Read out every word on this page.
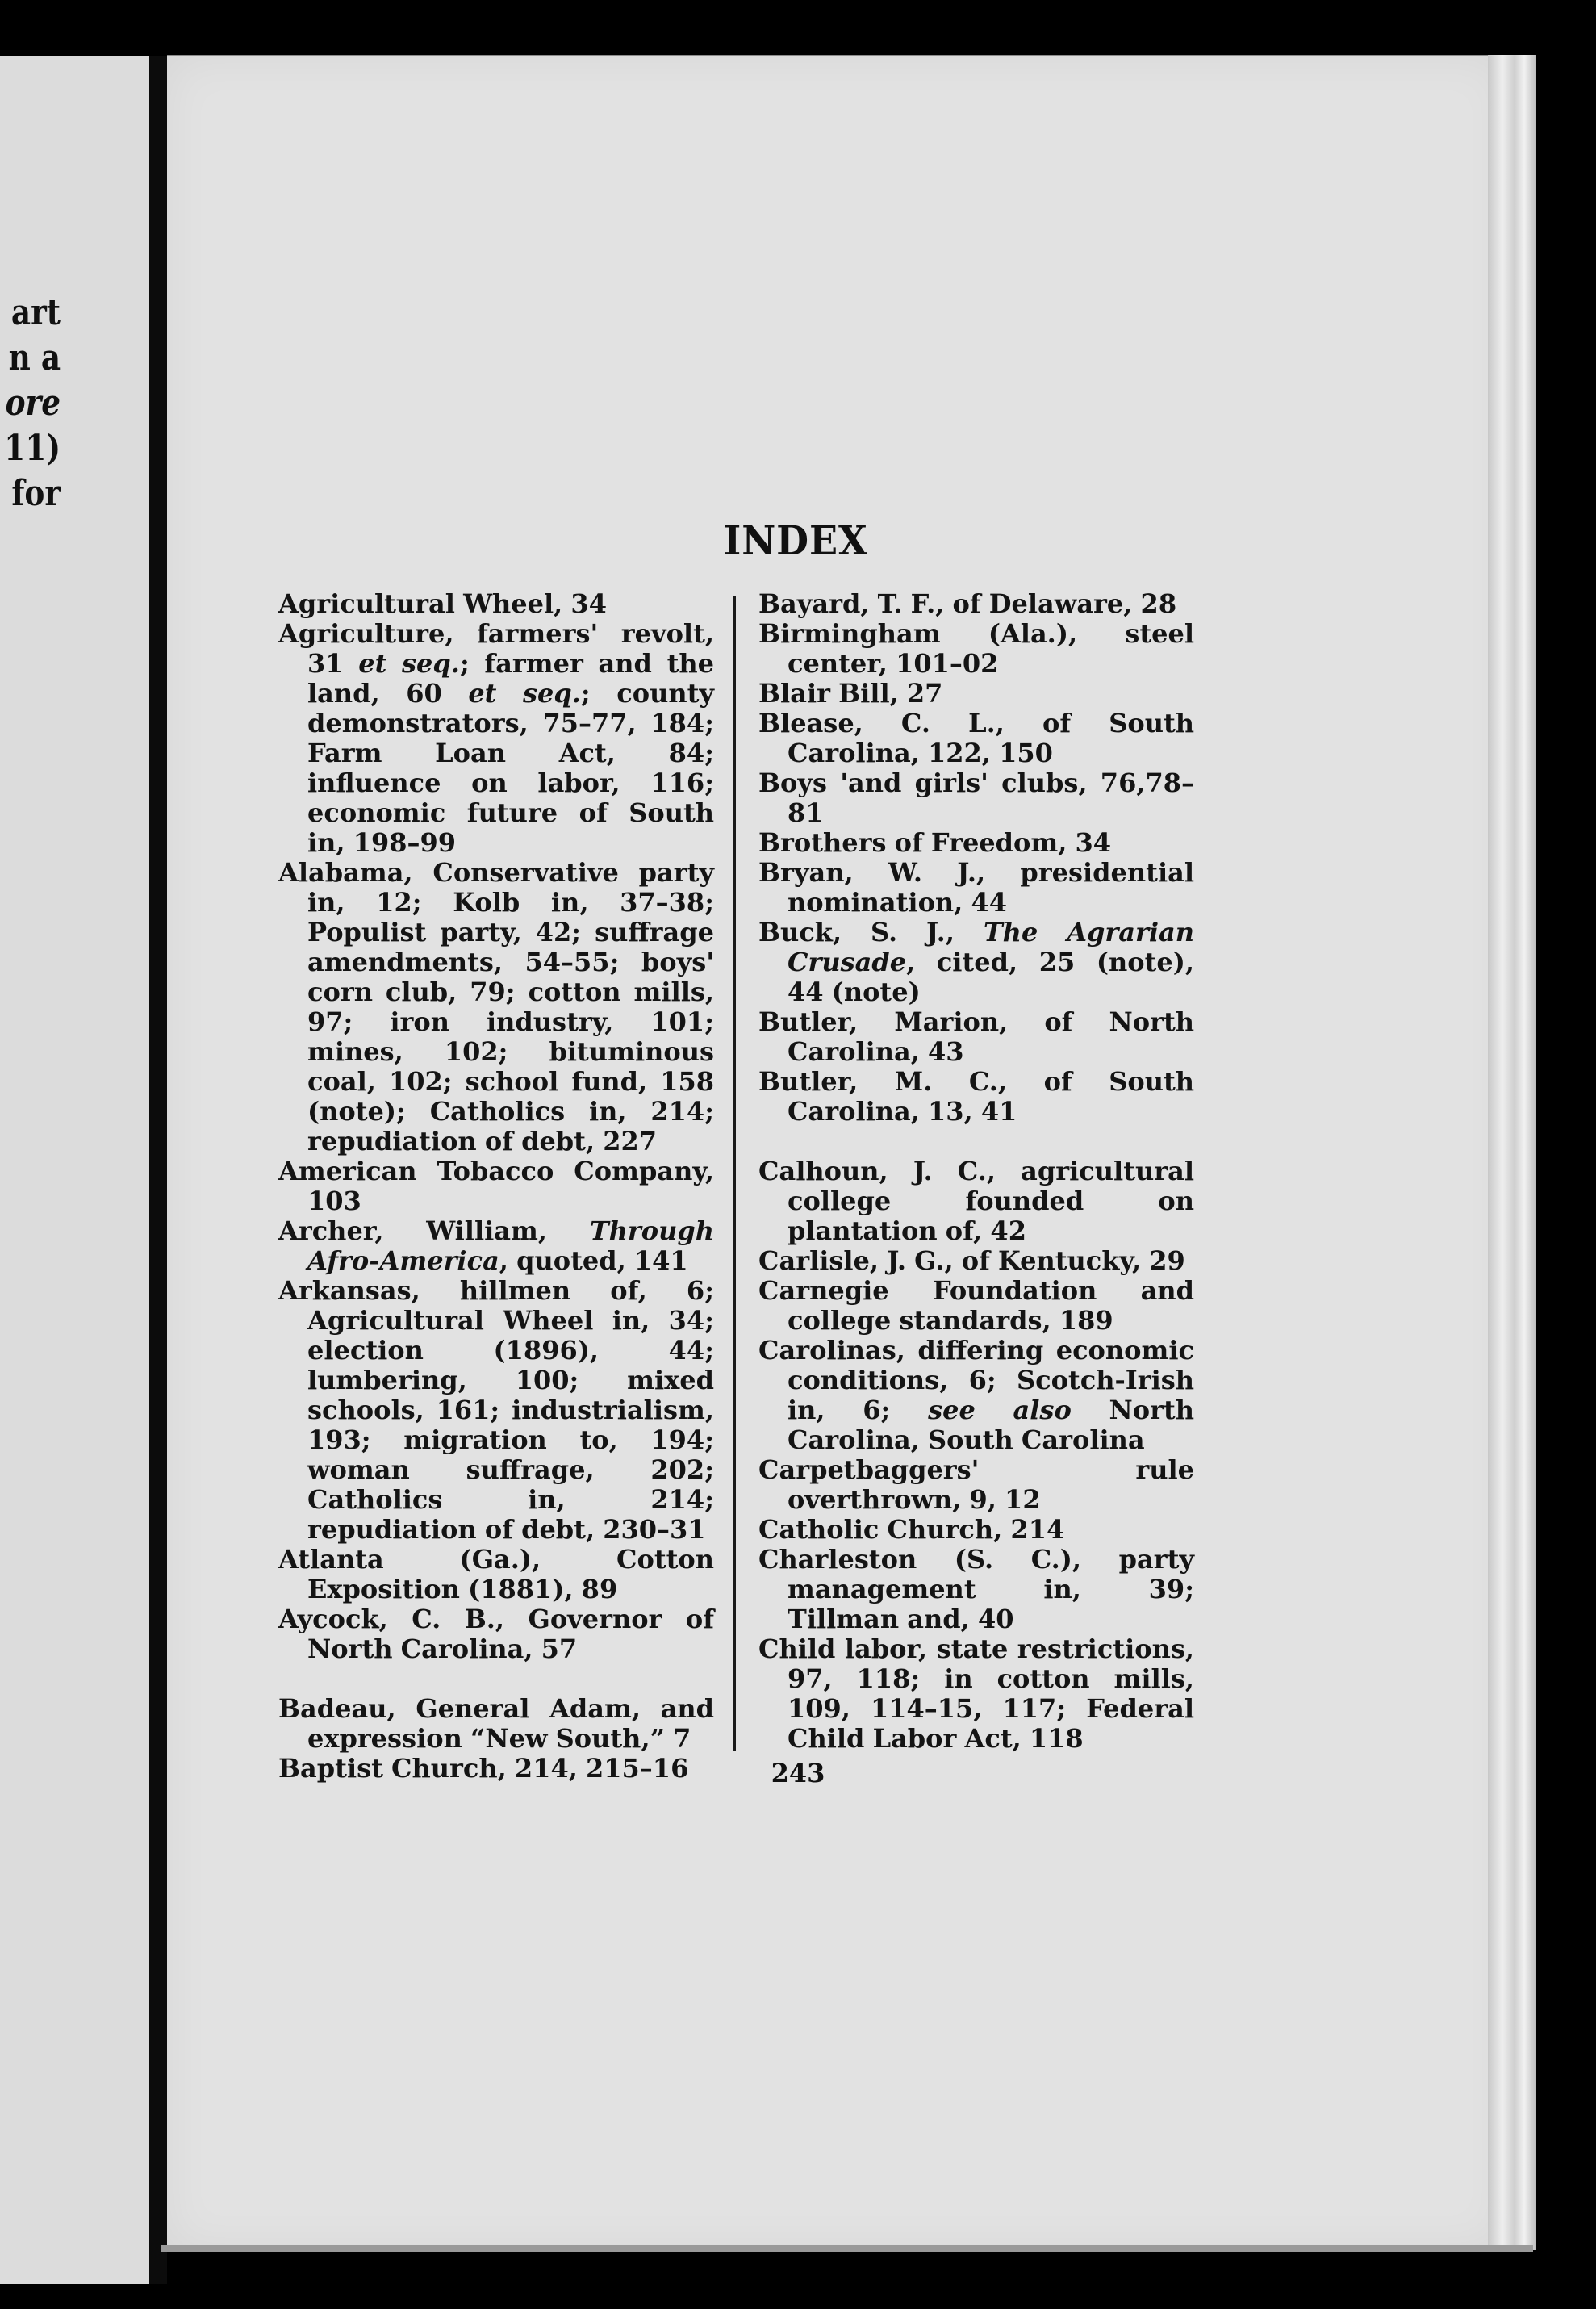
art
n a
ore
11)
for
INDEX
Agricultural Wheel, 34
Agriculture, farmers' revolt, 31 et seq.; farmer and the land, 60 et seq.; county demonstrators, 75–77, 184; Farm Loan Act, 84; influence on labor, 116; economic future of South in, 198–99
Alabama, Conservative party in, 12; Kolb in, 37–38; Populist party, 42; suffrage amendments, 54–55; boys' corn club, 79; cotton mills, 97; iron industry, 101; mines, 102; bituminous coal, 102; school fund, 158 (note); Catholics in, 214; repudiation of debt, 227
American Tobacco Company, 103
Archer, William, Through Afro-America, quoted, 141
Arkansas, hillmen of, 6; Agricultural Wheel in, 34; election (1896), 44; lumbering, 100; mixed schools, 161; industrialism, 193; migration to, 194; woman suffrage, 202; Catholics in, 214; repudiation of debt, 230–31
Atlanta (Ga.), Cotton Exposition (1881), 89
Aycock, C. B., Governor of North Carolina, 57
Badeau, General Adam, and expression “New South,” 7
Baptist Church, 214, 215–16
Bayard, T. F., of Delaware, 28
Birmingham (Ala.), steel center, 101–02
Blair Bill, 27
Blease, C. L., of South Carolina, 122, 150
Boys 'and girls' clubs, 76,78–81
Brothers of Freedom, 34
Bryan, W. J., presidential nomination, 44
Buck, S. J., The Agrarian Crusade, cited, 25 (note), 44 (note)
Butler, Marion, of North Carolina, 43
Butler, M. C., of South Carolina, 13, 41
Calhoun, J. C., agricultural college founded on plantation of, 42
Carlisle, J. G., of Kentucky, 29
Carnegie Foundation and college standards, 189
Carolinas, differing economic conditions, 6; Scotch-Irish in, 6; see also North Carolina, South Carolina
Carpetbaggers' rule overthrown, 9, 12
Catholic Church, 214
Charleston (S. C.), party management in, 39; Tillman and, 40
Child labor, state restrictions, 97, 118; in cotton mills, 109, 114–15, 117; Federal Child Labor Act, 118
243
